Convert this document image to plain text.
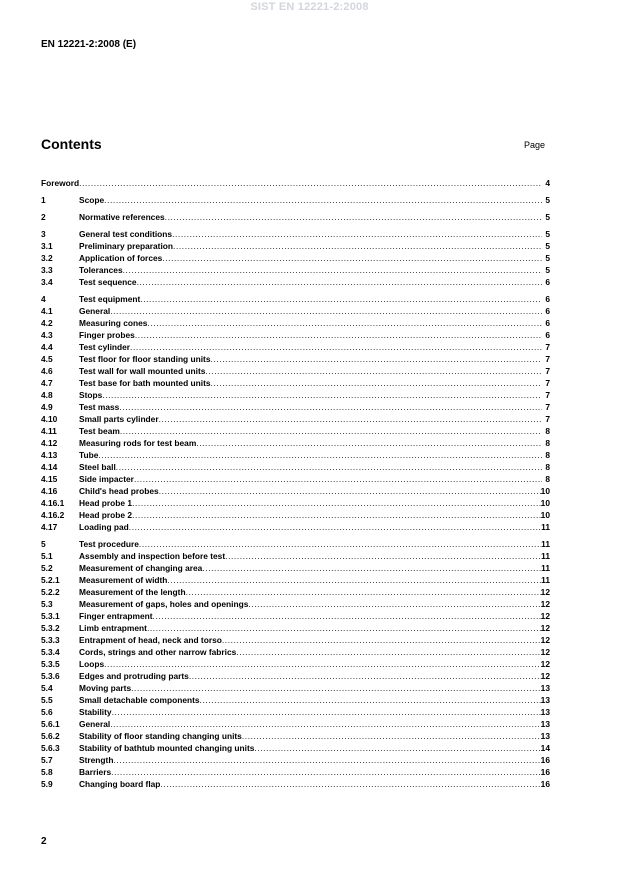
SIST EN 12221-2:2008
EN 12221-2:2008 (E)
Contents	Page
Foreword .....	4
1	Scope .....	5
2	Normative references .....	5
3	General test conditions .....	5
3.1	Preliminary preparation .....	5
3.2	Application of forces .....	5
3.3	Tolerances .....	5
3.4	Test sequence .....	6
4	Test equipment .....	6
4.1	General .....	6
4.2	Measuring cones .....	6
4.3	Finger probes .....	6
4.4	Test cylinder .....	7
4.5	Test floor for floor standing units .....	7
4.6	Test wall for wall mounted units .....	7
4.7	Test base for bath mounted units .....	7
4.8	Stops .....	7
4.9	Test mass .....	7
4.10	Small parts cylinder .....	7
4.11	Test beam .....	8
4.12	Measuring rods for test beam .....	8
4.13	Tube .....	8
4.14	Steel ball .....	8
4.15	Side impacter .....	8
4.16	Child's head probes .....	10
4.16.1	Head probe 1 .....	10
4.16.2	Head probe 2 .....	10
4.17	Loading pad .....	11
5	Test procedure .....	11
5.1	Assembly and inspection before test .....	11
5.2	Measurement of changing area .....	11
5.2.1	Measurement of width .....	11
5.2.2	Measurement of the length .....	12
5.3	Measurement of gaps, holes and openings .....	12
5.3.1	Finger entrapment .....	12
5.3.2	Limb entrapment .....	12
5.3.3	Entrapment of head, neck and torso .....	12
5.3.4	Cords, strings and other narrow fabrics .....	12
5.3.5	Loops .....	12
5.3.6	Edges and protruding parts .....	12
5.4	Moving parts .....	13
5.5	Small detachable components .....	13
5.6	Stability .....	13
5.6.1	General .....	13
5.6.2	Stability of floor standing changing units .....	13
5.6.3	Stability of bathtub mounted changing units .....	14
5.7	Strength .....	16
5.8	Barriers .....	16
5.9	Changing board flap .....	16
2
